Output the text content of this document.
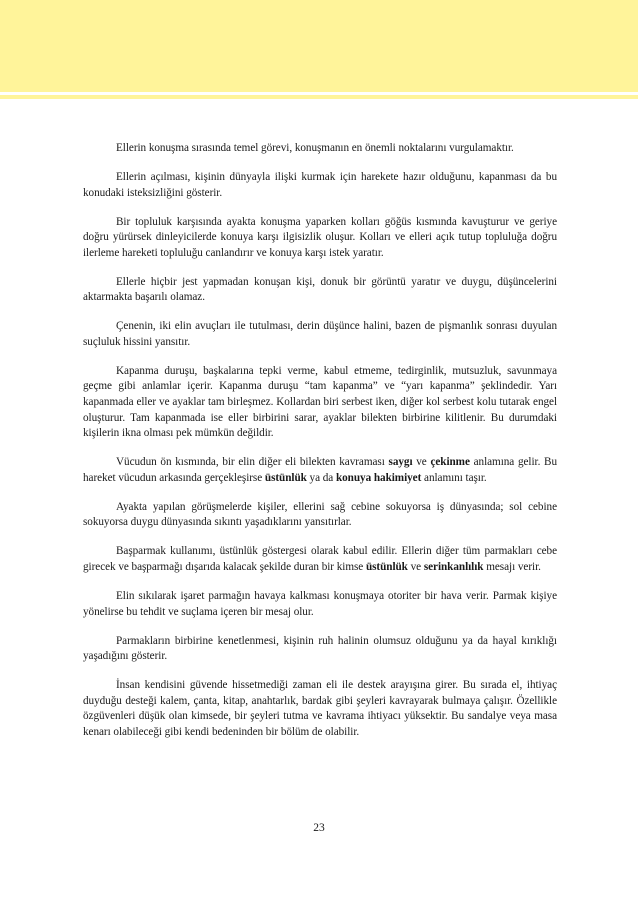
Ellerin konuşma sırasında temel görevi, konuşmanın en önemli noktalarını vurgulamaktır.

Ellerin açılması, kişinin dünyayla ilişki kurmak için harekete hazır olduğunu, kapanması da bu konudaki isteksizliğini gösterir.

Bir topluluk karşısında ayakta konuşma yaparken kolları göğüs kısmında kavuşturur ve geriye doğru yürürsek dinleyicilerde konuya karşı ilgisizlik oluşur. Kolları ve elleri açık tutup topluluğa doğru ilerleme hareketi topluluğu canlandırır ve konuya karşı istek yaratır.

Ellerle hiçbir jest yapmadan konuşan kişi, donuk bir görüntü yaratır ve duygu, düşüncelerini aktarmakta başarılı olamaz.

Çenenin, iki elin avuçları ile tutulması, derin düşünce halini, bazen de pişmanlık sonrası duyulan suçluluk hissini yansıtır.

Kapanma duruşu, başkalarına tepki verme, kabul etmeme, tedirginlik, mutsuzluk, savunmaya geçme gibi anlamlar içerir. Kapanma duruşu “tam kapanma” ve “yarı kapanma” şeklindedir. Yarı kapanmada eller ve ayaklar tam birleşmez. Kollardan biri serbest iken, diğer kol serbest kolu tutarak engel oluşturur. Tam kapanmada ise eller birbirini sarar, ayaklar bilekten birbirine kilitlenir. Bu durumdaki kişilerin ikna olması pek mümkün değildir.

Vücudun ön kısmında, bir elin diğer eli bilekten kavraması saygı ve çekinme anlamına gelir. Bu hareket vücudun arkasında gerçekleşirse üstünlük ya da konuya hakimiyet anlamını taşır.

Ayakta yapılan görüşmelerde kişiler, ellerini sağ cebine sokuyorsa iş dünyasında; sol cebine sokuyorsa duygu dünyasında sıkıntı yaşadıklarını yansıtırlar.

Başparmak kullanımı, üstünlük göstergesi olarak kabul edilir. Ellerin diğer tüm parmakları cebe girecek ve başparmağı dışarıda kalacak şekilde duran bir kimse üstünlük ve serinkanlılık mesajı verir.

Elin sıkılarak işaret parmağın havaya kalkması konuşmaya otoriter bir hava verir. Parmak kişiye yönelirse bu tehdit ve suçlama içeren bir mesaj olur.

Parmakların birbirine kenetlenmesi, kişinin ruh halinin olumsuz olduğunu ya da hayal kırıklığı yaşadığını gösterir.

İnsan kendisini güvende hissetmediği zaman eli ile destek arayışına girer. Bu sırada el, ihtiyaç duyduğu desteği kalem, çanta, kitap, anahtarlık, bardak gibi şeyleri kavrayarak bulmaya çalışır. Özellikle özgüvenleri düşük olan kimsede, bir şeyleri tutma ve kavrama ihtiyacı yüksektir. Bu sandalye veya masa kenarı olabileceği gibi kendi bedeninden bir bölüm de olabilir.

23
